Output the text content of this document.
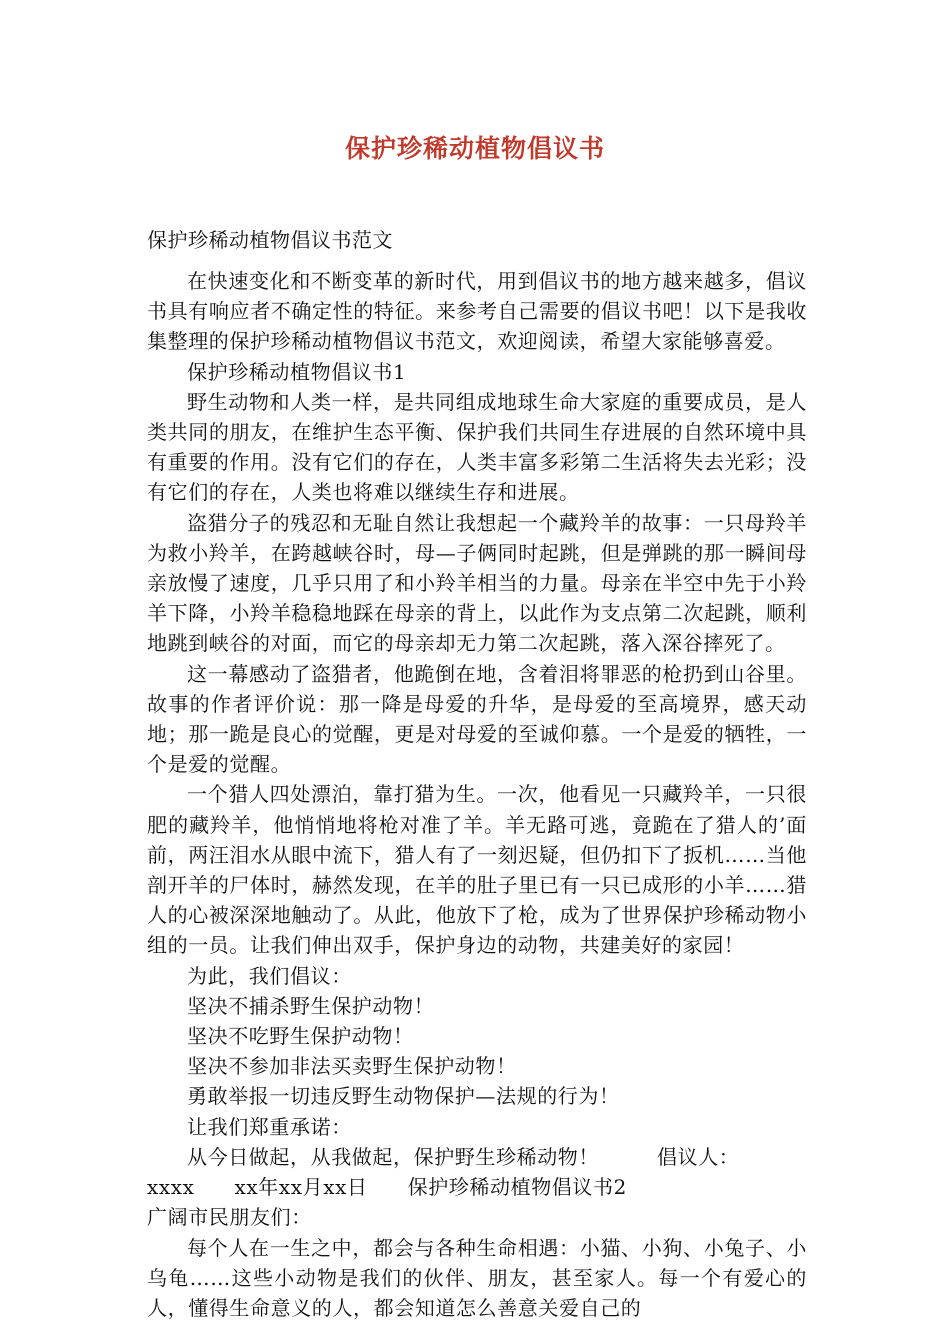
保护珍稀动植物倡议书
保护珍稀动植物倡议书范文

在快速变化和不断变革的新时代，用到倡议书的地方越来越多，倡议书具有响应者不确定性的特征。来参考自己需要的倡议书吧！以下是我收集整理的保护珍稀动植物倡议书范文，欢迎阅读，希望大家能够喜爱。

保护珍稀动植物倡议书1

野生动物和人类一样，是共同组成地球生命大家庭的重要成员，是人类共同的朋友，在维护生态平衡、保护我们共同生存进展的自然环境中具有重要的作用。没有它们的存在，人类丰富多彩第二生活将失去光彩；没有它们的存在，人类也将难以继续生存和进展。

盗猎分子的残忍和无耻自然让我想起一个藏羚羊的故事：一只母羚羊为救小羚羊，在跨越峡谷时，母—子俩同时起跳，但是弹跳的那一瞬间母亲放慢了速度，几乎只用了和小羚羊相当的力量。母亲在半空中先于小羚羊下降，小羚羊稳稳地踩在母亲的背上，以此作为支点第二次起跳，顺利地跳到峡谷的对面，而它的母亲却无力第二次起跳，落入深谷摔死了。

这一幕感动了盗猎者，他跪倒在地，含着泪将罪恶的枪扔到山谷里。故事的作者评价说：那一降是母爱的升华，是母爱的至高境界，感天动地；那一跪是良心的觉醒，更是对母爱的至诚仰慕。一个是爱的牺牲，一个是爱的觉醒。

一个猎人四处漂泊，靠打猎为生。一次，他看见一只藏羚羊，一只很肥的藏羚羊，他悄悄地将枪对准了羊。羊无路可逃，竟跪在了猎人的’面前，两汪泪水从眼中流下，猎人有了一刻迟疑，但仍扣下了扳机……当他剖开羊的尸体时，赫然发现，在羊的肚子里已有一只已成形的小羊……猎人的心被深深地触动了。从此，他放下了枪，成为了世界保护珍稀动物小组的一员。让我们伸出双手，保护身边的动物，共建美好的家园！

为此，我们倡议：

坚决不捕杀野生保护动物！

坚决不吃野生保护动物！

坚决不参加非法买卖野生保护动物！

勇敢举报一切违反野生动物保护—法规的行为！

让我们郑重承诺：

从今日做起，从我做起，保护野生珍稀动物！	倡议人：

xxxx xx年xx月xx日 保护珍稀动植物倡议书2

广阔市民朋友们：

每个人在一生之中，都会与各种生命相遇：小猫、小狗、小兔子、小乌龟……这些小动物是我们的伙伴、朋友，甚至家人。每一个有爱心的人，懂得生命意义的人，都会知道怎么善意关爱自己的
